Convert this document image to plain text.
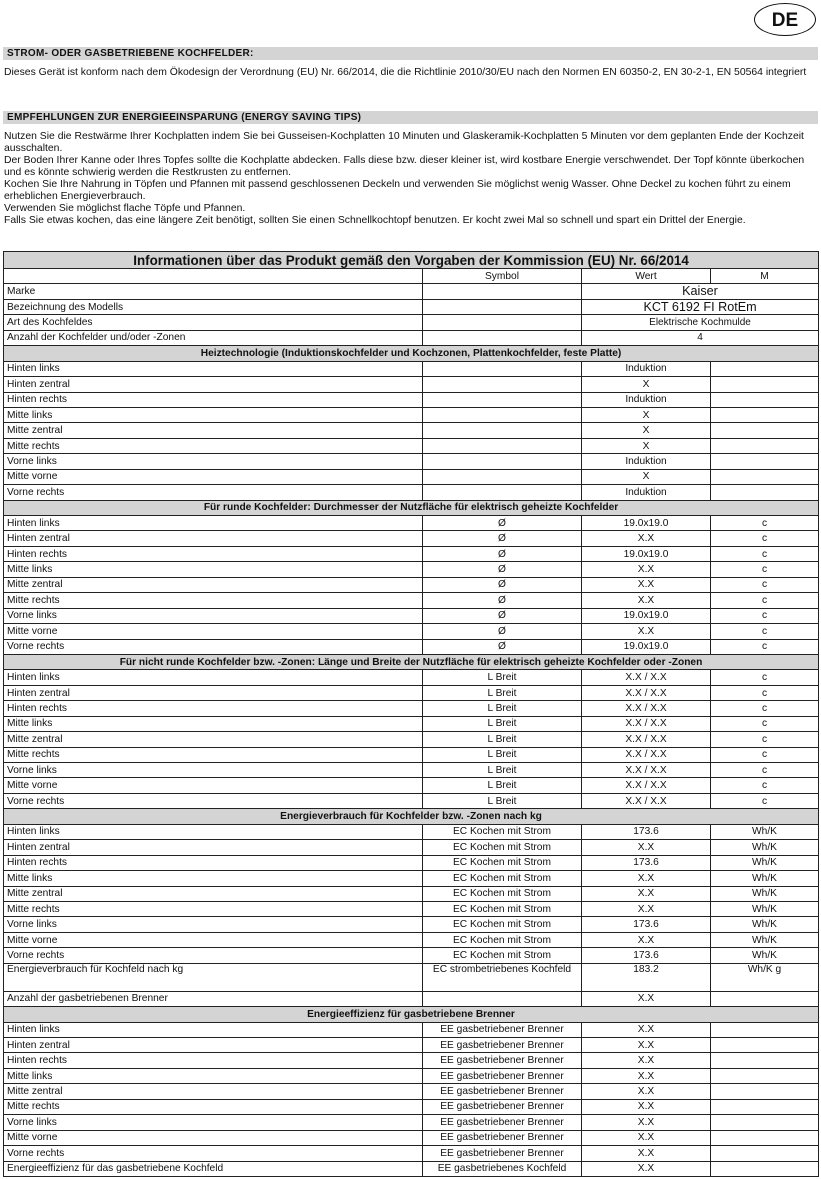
DE
STROM- ODER GASBETRIEBENE KOCHFELDER:

Dieses Gerät ist konform nach dem Ökodesign der Verordnung (EU) Nr. 66/2014, die die Richtlinie 2010/30/EU nach den Normen EN 60350-2, EN 30-2-1, EN 50564 integriert

EMPFEHLUNGEN ZUR ENERGIEEINSPARUNG (ENERGY SAVING TIPS)

Nutzen Sie die Restwärme Ihrer Kochplatten indem Sie bei Gusseisen-Kochplatten 10 Minuten und Glaskeramik-Kochplatten 5 Minuten vor dem geplanten Ende der Kochzeit ausschalten.

Der Boden Ihrer Kanne oder Ihres Topfes sollte die Kochplatte abdecken. Falls diese bzw. dieser kleiner ist, wird kostbare Energie verschwendet. Der Topf könnte überkochen und es könnte schwierig werden die Restkrusten zu entfernen.

Kochen Sie Ihre Nahrung in Töpfen und Pfannen mit passend geschlossenen Deckeln und verwenden Sie möglichst wenig Wasser. Ohne Deckel zu kochen führt zu einem erheblichen Energieverbrauch.

Verwenden Sie möglichst flache Töpfe und Pfannen.

Falls Sie etwas kochen, das eine längere Zeit benötigt, sollten Sie einen Schnellkochtopf benutzen. Er kocht zwei Mal so schnell und spart ein Drittel der Energie.

Informationen über das Produkt gemäß den Vorgaben der Kommission (EU) Nr. 66/2014			
	Symbol	Wert	M
Marke		Kaiser	
Bezeichnung des Modells		KCT 6192 FI RotEm	
Art des Kochfeldes		Elektrische Kochmulde	
Anzahl der Kochfelder und/oder -Zonen		4	
Heiztechnologie (Induktionskochfelder und Kochzonen, Plattenkochfelder, feste Platte)			
Hinten links		Induktion	
Hinten zentral		X	
Hinten rechts		Induktion	
Mitte links		X	
Mitte zentral		X	
Mitte rechts		X	
Vorne links		Induktion	
Mitte vorne		X	
Vorne rechts		Induktion	
Für runde Kochfelder: Durchmesser der Nutzfläche für elektrisch geheizte Kochfelder			
Hinten links	Ø	19.0x19.0	c
Hinten zentral	Ø	X.X	c
Hinten rechts	Ø	19.0x19.0	c
Mitte links	Ø	X.X	c
Mitte zentral	Ø	X.X	c
Mitte rechts	Ø	X.X	c
Vorne links	Ø	19.0x19.0	c
Mitte vorne	Ø	X.X	c
Vorne rechts	Ø	19.0x19.0	c
Für nicht runde Kochfelder bzw. -Zonen: Länge und Breite der Nutzfläche für elektrisch geheizte Kochfelder oder -Zonen			
Hinten links	L Breit	X.X / X.X	c
Hinten zentral	L Breit	X.X / X.X	c
Hinten rechts	L Breit	X.X / X.X	c
Mitte links	L Breit	X.X / X.X	c
Mitte zentral	L Breit	X.X / X.X	c
Mitte rechts	L Breit	X.X / X.X	c
Vorne links	L Breit	X.X / X.X	c
Mitte vorne	L Breit	X.X / X.X	c
Vorne rechts	L Breit	X.X / X.X	c
Energieverbrauch für Kochfelder bzw. -Zonen nach kg			
Hinten links	EC Kochen mit Strom	173.6	Wh/K
Hinten zentral	EC Kochen mit Strom	X.X	Wh/K
Hinten rechts	EC Kochen mit Strom	173.6	Wh/K
Mitte links	EC Kochen mit Strom	X.X	Wh/K
Mitte zentral	EC Kochen mit Strom	X.X	Wh/K
Mitte rechts	EC Kochen mit Strom	X.X	Wh/K
Vorne links	EC Kochen mit Strom	173.6	Wh/K
Mitte vorne	EC Kochen mit Strom	X.X	Wh/K
Vorne rechts	EC Kochen mit Strom	173.6	Wh/K
Energieverbrauch für Kochfeld nach kg	EC strombetriebenes Kochfeld	183.2	Wh/K g
Anzahl der gasbetriebenen Brenner		X.X	
Energieeffizienz für gasbetriebene Brenner			
Hinten links	EE gasbetriebener Brenner	X.X	
Hinten zentral	EE gasbetriebener Brenner	X.X	
Hinten rechts	EE gasbetriebener Brenner	X.X	
Mitte links	EE gasbetriebener Brenner	X.X	
Mitte zentral	EE gasbetriebener Brenner	X.X	
Mitte rechts	EE gasbetriebener Brenner	X.X	
Vorne links	EE gasbetriebener Brenner	X.X	
Mitte vorne	EE gasbetriebener Brenner	X.X	
Vorne rechts	EE gasbetriebener Brenner	X.X	
Energieeffizienz für das gasbetriebene Kochfeld	EE gasbetriebenes Kochfeld	X.X	
